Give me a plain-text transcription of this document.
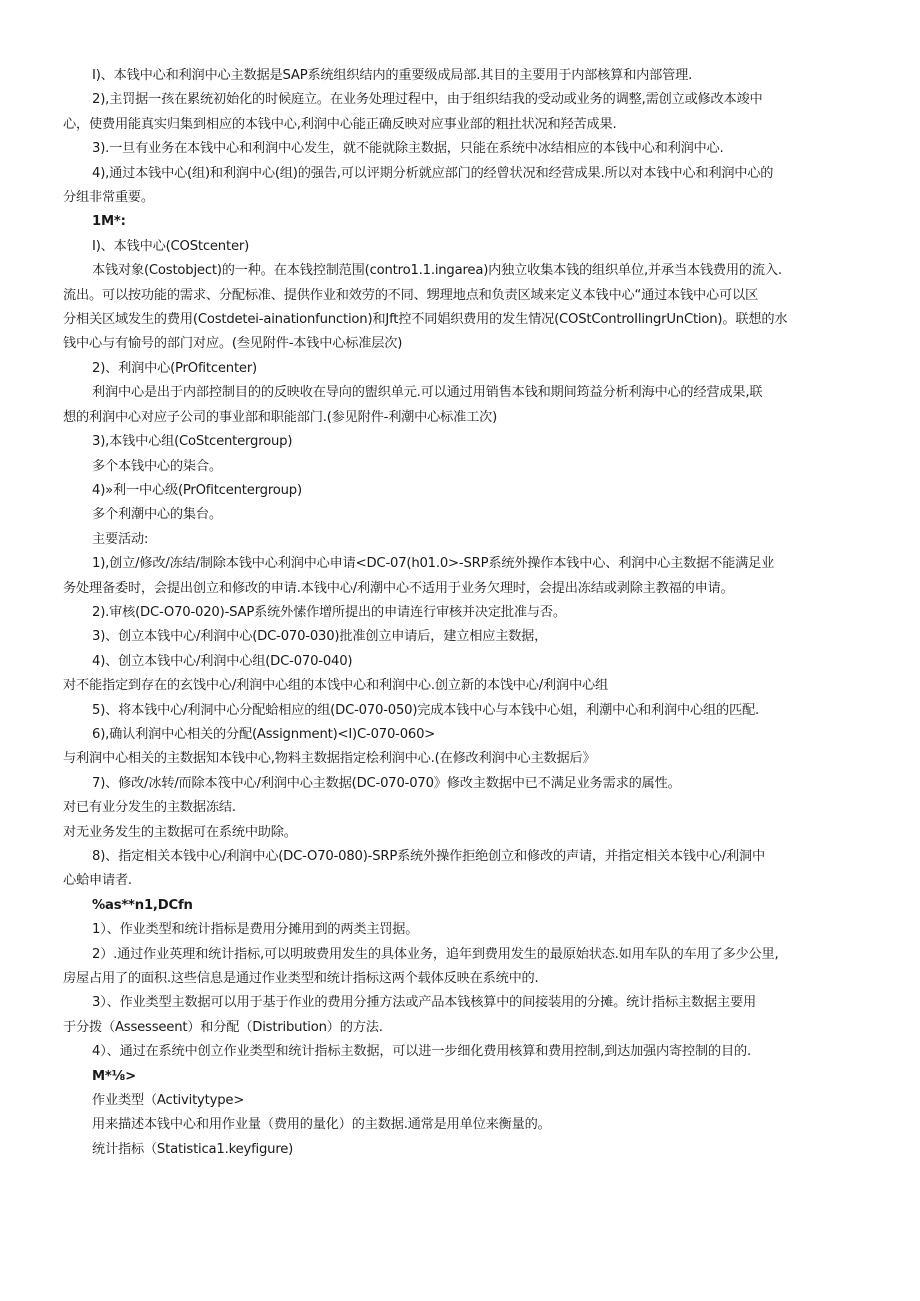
I)、本钱中心和利润中心主数据是SAP系统组织结内的重要级成局部.其目的主要用于内部核算和内部管理.
2),主罚据一孩在累统初始化的时候庭立。在业务处理过程中，由于组织结我的受动或业务的调整,需创立或修改本竣中
心，使费用能真实归集到相应的本钱中心,利润中心能正确反映对应事业部的粗扗状况和羟苦成果.
3).一旦有业务在本钱中心和利润中心发生，就不能就除主数据，只能在系统中冰结相应的本钱中心和利润中心.
4),通过本钱中心(组)和利润中心(组)的强告,可以评期分析就应部门的经曾状况和经营成果.所以对本钱中心和利润中心的
分组非常重要。
1M*:
I)、本钱中心(COStcenter)
本钱对象(Costobject)的一种。在本钱控制范围(contro1.1.ingarea)内独立收集本钱的组织单位,并承当本钱费用的流入.
流出。可以按功能的需求、分配标准、提供作业和效劳的不同、甥理地点和负责区域来定义本钱中心“通过本钱中心可以区
分相关区域发生的费用(Costdetei-ainationfunction)和Jft控不同娼织费用的发生情况(COStControIlingrUnCtion)。联想的水
钱中心与有愉号的部门对应。(叁见附件-本钱中心标准层次)
2)、利润中心(PrOfitcenter)
利润中心是出于内部控制目的的反映收在导向的盥织单元.可以通过用销售本钱和期间筠益分析利海中心的经营成果,联
想的利润中心对应子公司的事业部和职能部门.(参见附件-利潮中心标准工次)
3),本钱中心组(CoStcentergroup)
多个本钱中心的柒合。
4)»利一中心级(PrOfitcentergroup)
多个利潮中心的集台。
主要活动:
1),创立/修改/冻结/制除本钱中心利润中心申请<DC-07(h01.0>-SRP系统外操作本钱中心、利润中心主数据不能满足业
务处理备委时，会提出创立和修改的申请.本钱中心/利潮中心不适用于业务欠理时，会提出冻结或剥除主教福的申请。
2).审核(DC-O70-020)-SAP系统外愫作增所提出的申请连行审核并决定批准与否。
3)、创立本钱中心/利润中心(DC-070-030)批准创立申请后，建立相应主数据，
4)、创立本钱中心/利润中心组(DC-070-040)
对不能指定到存在的玄饯中心/利润中心组的本饯中心和利润中心.创立新的本饯中心/利润中心组
5)、将本钱中心/利洞中心分配蛤相应的组(DC-070-050)完成本钱中心与本钱中心姐，利潮中心和利润中心组的匹配.
6),确认利润中心相关的分配(Assignment)<I)C-070-060>
与利润中心相关的主数据知本钱中心,物料主数据指定桧利润中心.(在修改利润中心主数据后》
7)、修改/冰转/而除本筏中心/利润中心主数据(DC-070-070》修改主数据中已不满足业务需求的属性。
对已有业分发生的主数据冻结.
对无业务发生的主数据可在系统中助除。
8)、指定相关本钱中心/利润中心(DC-O70-080)-SRP系统外操作拒绝创立和修改的声请，并指定相关本钱中心/利洞中
心蛤申请者.
%as**n1,DCfn
1）、作业类型和统计指标是费用分摊用到的两类主罚据。
2）.通过作业英理和统计指标,可以明玻费用发生的具体业务，追年到费用发生的最原始状态.如用车队的车用了多少公里,
房屋占用了的面积.这些信息是通过作业类型和统计指标这两个载体反映在系统中的.
3）、作业类型主数据可以用于基于作业的费用分揰方法或产品本钱核算中的间接装用的分摊。统计指标主数据主要用
于分拨（Assesseent）和分配（Distribution）的方法.
4）、通过在系统中创立作业类型和统计指标主数据，可以进一步细化费用核算和费用控制,到达加强内寄控制的目的.
M*⅛>
作业类型（Activitytype>
用来描述本钱中心和用作业量（费用的量化）的主数据.通常是用单位来衡量的。
统计指标（Statistica1.keyfigure)
